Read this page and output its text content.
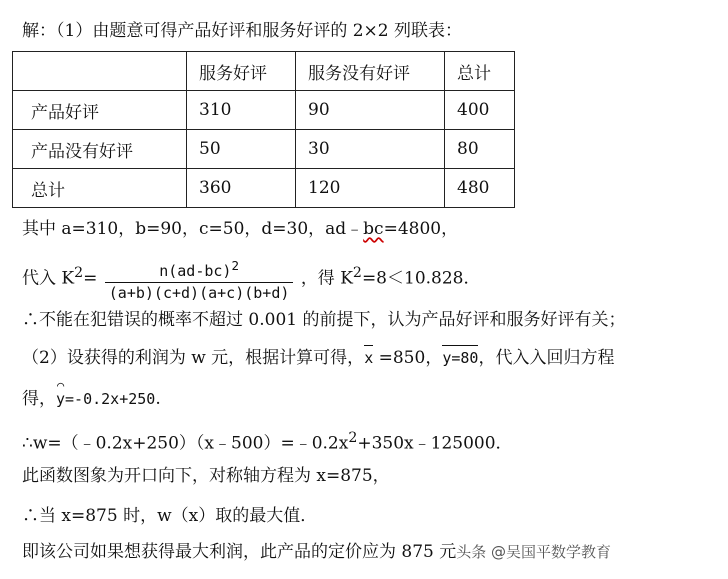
解：（1）由题意可得产品好评和服务好评的 2×2 列联表：
	服务好评	服务没有好评	总计
产品好评	310	90	400
产品没有好评	50	30	80
总计	360	120	480
其中 a=310，b=90，c=50，d=30，ad﹣bc=4800，
代入 $K^2= \frac{n(ad-bc)^2}{(a+b)(c+d)(a+c)(b+d)}$ ，得 $K^2=8<10.828$．
∴不能在犯错误的概率不超过 0.001 的前提下，认为产品好评和服务好评有关；
（2）设获得的利润为 w 元，根据计算可得，x =850，y=80，代入入回归方程
得，⌒ y=-0.2x+250.
$\therefore w=(﹣0.2x+250)(x﹣500)=﹣0.2x^2+350x﹣125000$．
此函数图象为开口向下，对称轴方程为 x=875，
∴当 x=875 时，w（x）取的最大值．
即该公司如果想获得最大利润，此产品的定价应为 875 元头条 @吴国平数学教育
